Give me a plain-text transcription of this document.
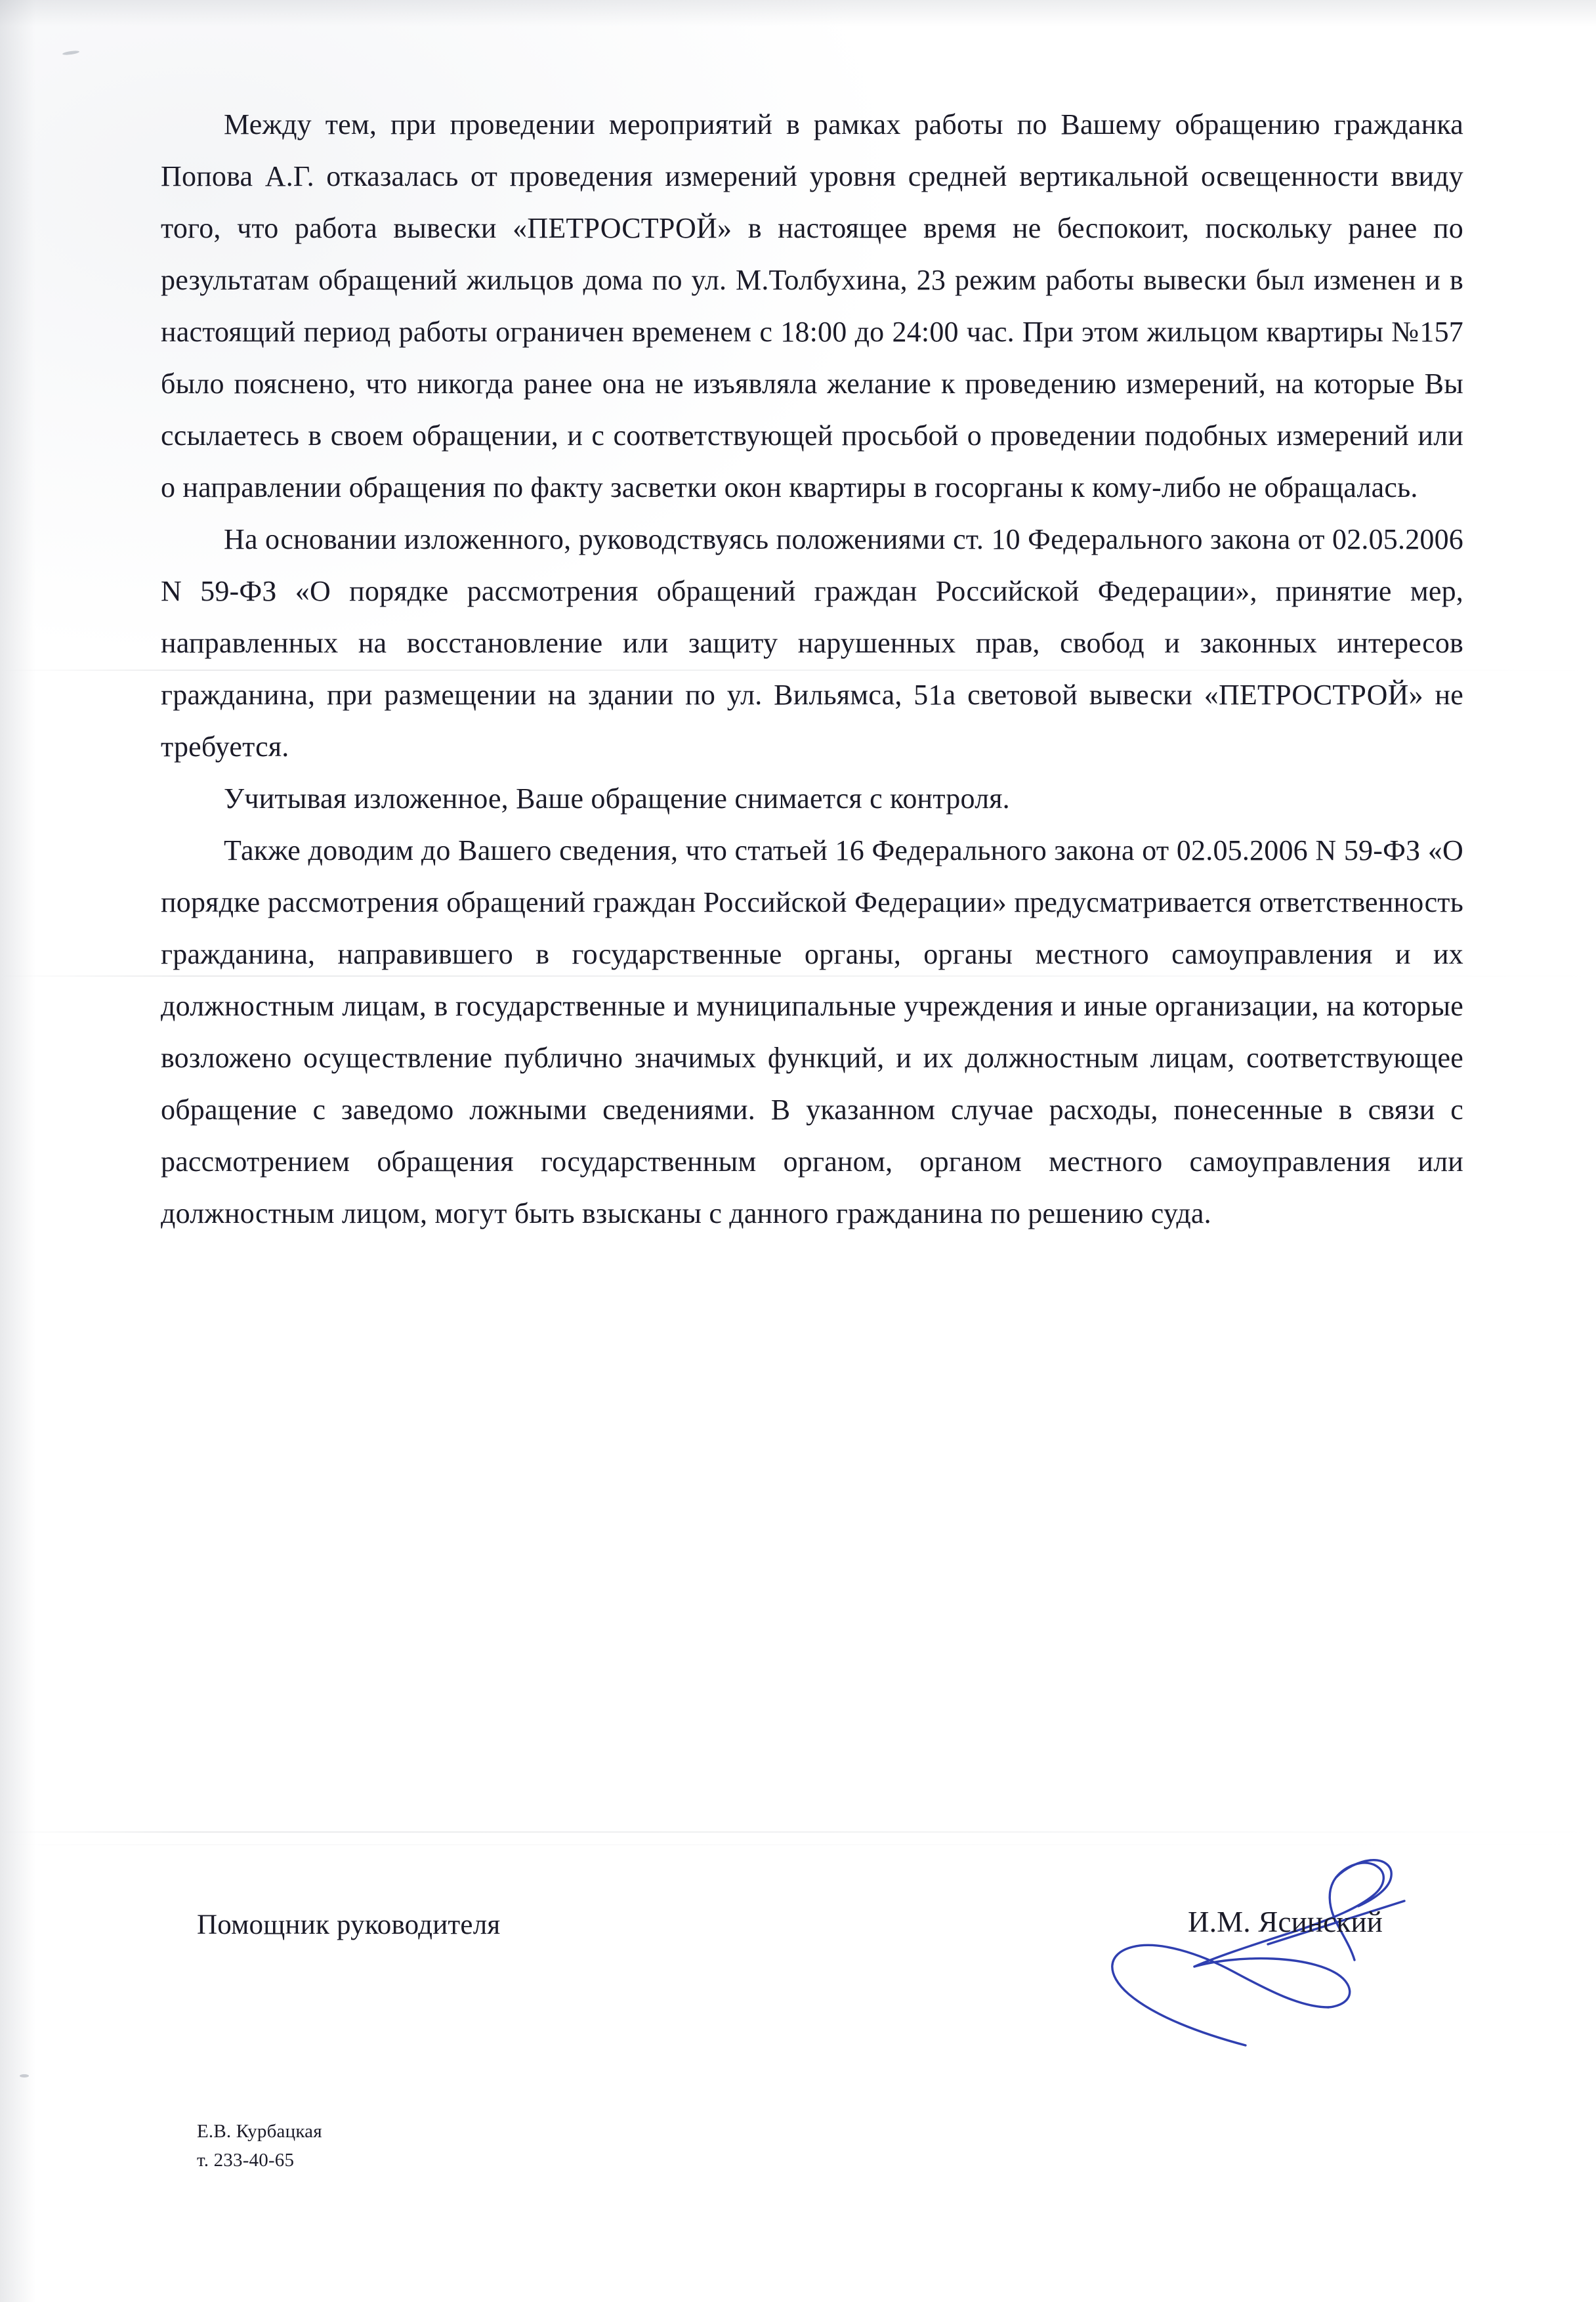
Между тем, при проведении мероприятий в рамках работы по Вашему обращению гражданка Попова А.Г. отказалась от проведения измерений уровня средней вертикальной освещенности ввиду того, что работа вывески «ПЕТРОСТРОЙ» в настоящее время не беспокоит, поскольку ранее по результатам обращений жильцов дома по ул. М.Толбухина, 23 режим работы вывески был изменен и в настоящий период работы ограничен временем с 18:00 до 24:00 час. При этом жильцом квартиры №157 было пояснено, что никогда ранее она не изъявляла желание к проведению измерений, на которые Вы ссылаетесь в своем обращении, и с соответствующей просьбой о проведении подобных измерений или о направлении обращения по факту засветки окон квартиры в госорганы к кому-либо не обращалась.

На основании изложенного, руководствуясь положениями ст. 10 Федерального закона от 02.05.2006 N 59-ФЗ «О порядке рассмотрения обращений граждан Российской Федерации», принятие мер, направленных на восстановление или защиту нарушенных прав, свобод и законных интересов гражданина, при размещении на здании по ул. Вильямса, 51а световой вывески «ПЕТРОСТРОЙ» не требуется.

Учитывая изложенное, Ваше обращение снимается с контроля.

Также доводим до Вашего сведения, что статьей 16 Федерального закона от 02.05.2006 N 59-ФЗ «О порядке рассмотрения обращений граждан Российской Федерации» предусматривается ответственность гражданина, направившего в государственные органы, органы местного самоуправления и их должностным лицам, в государственные и муниципальные учреждения и иные организации, на которые возложено осуществление публично значимых функций, и их должностным лицам, соответствующее обращение с заведомо ложными сведениями. В указанном случае расходы, понесенные в связи с рассмотрением обращения государственным органом, органом местного самоуправления или должностным лицом, могут быть взысканы с данного гражданина по решению суда.

Помощник руководителя	И.М. Ясинский
Е.В. Курбацкая
т. 233-40-65
